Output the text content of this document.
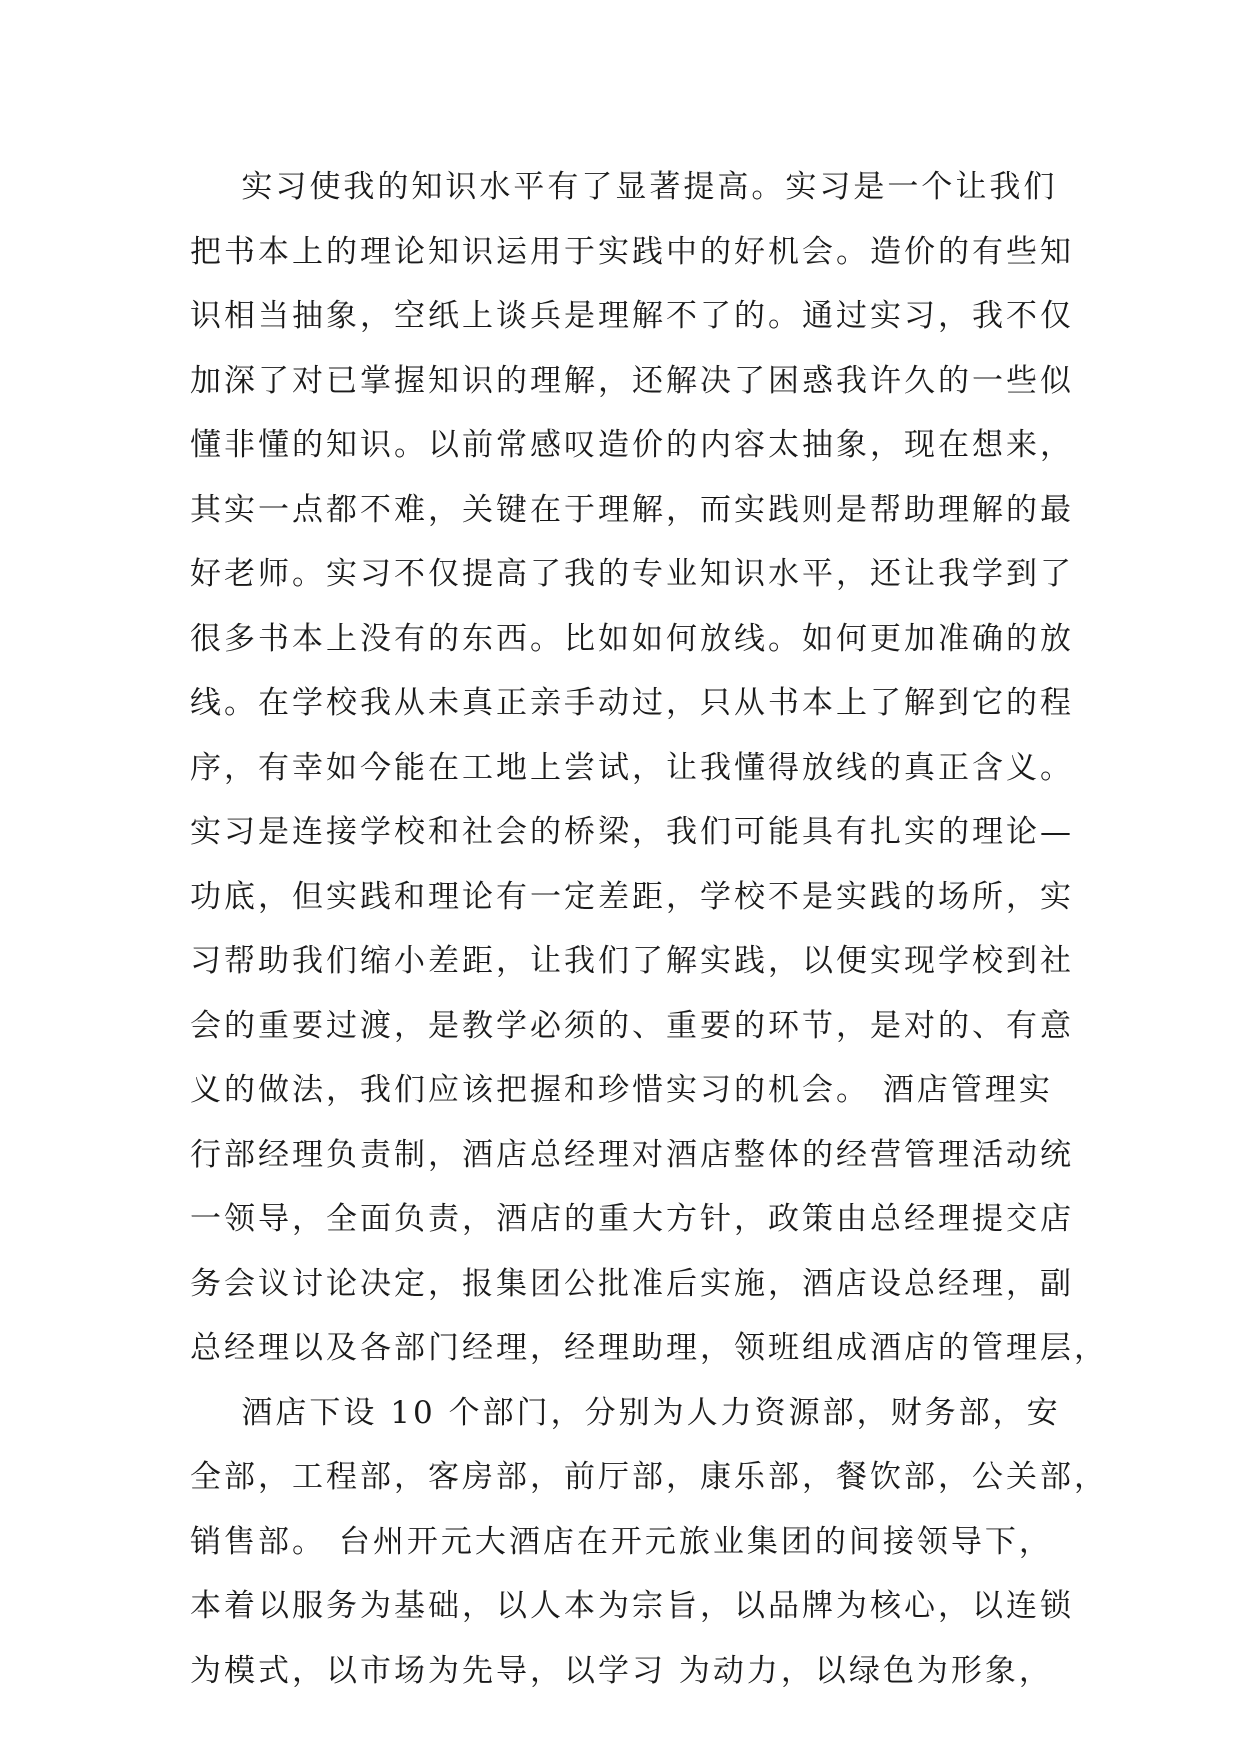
实习使我的知识水平有了显著提高。实习是一个让我们
把书本上的理论知识运用于实践中的好机会。造价的有些知
识相当抽象，空纸上谈兵是理解不了的。通过实习，我不仅
加深了对已掌握知识的理解，还解决了困惑我许久的一些似
懂非懂的知识。以前常感叹造价的内容太抽象，现在想来，
其实一点都不难，关键在于理解，而实践则是帮助理解的最
好老师。实习不仅提高了我的专业知识水平，还让我学到了
很多书本上没有的东西。比如如何放线。如何更加准确的放
线。在学校我从未真正亲手动过，只从书本上了解到它的程
序，有幸如今能在工地上尝试，让我懂得放线的真正含义。
实习是连接学校和社会的桥梁，我们可能具有扎实的理论—
功底，但实践和理论有一定差距，学校不是实践的场所，实
习帮助我们缩小差距，让我们了解实践，以便实现学校到社
会的重要过渡，是教学必须的、重要的环节，是对的、有意
义的做法，我们应该把握和珍惜实习的机会。 酒店管理实
行部经理负责制，酒店总经理对酒店整体的经营管理活动统
一领导，全面负责，酒店的重大方针，政策由总经理提交店
务会议讨论决定，报集团公批准后实施，酒店设总经理，副
总经理以及各部门经理，经理助理，领班组成酒店的管理层，
酒店下设 10 个部门，分别为人力资源部，财务部，安
全部，工程部，客房部，前厅部，康乐部，餐饮部，公关部，
销售部。 台州开元大酒店在开元旅业集团的间接领导下，
本着以服务为基础，以人本为宗旨，以品牌为核心，以连锁
为模式，以市场为先导，以学习 为动力，以绿色为形象，
